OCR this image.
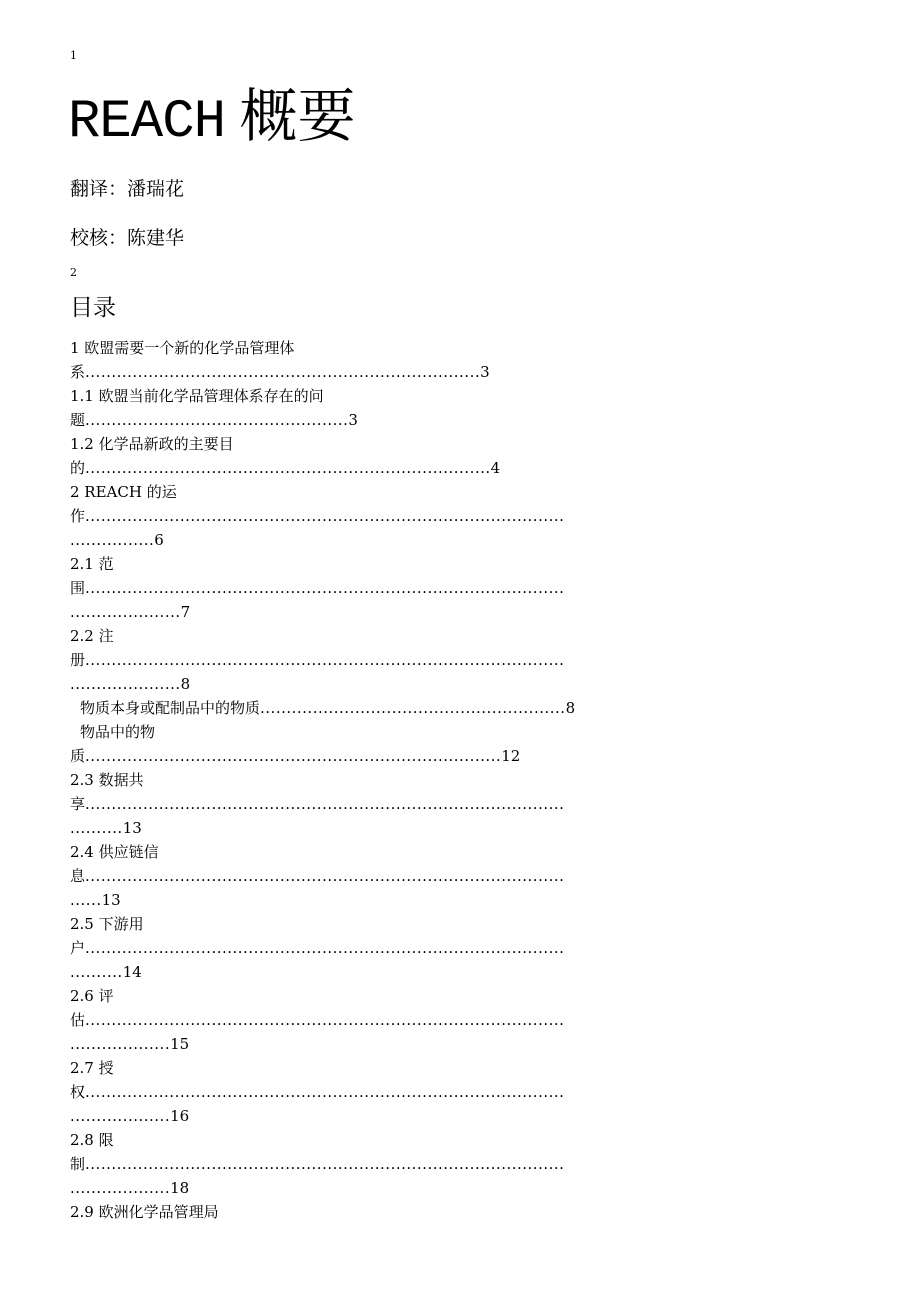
1
REACH 概要
翻译：潘瑞花
校核：陈建华
2
目录
1 欧盟需要一个新的化学品管理体
系...........................................................................3
1.1 欧盟当前化学品管理体系存在的问
题..................................................3
1.2 化学品新政的主要目
的.............................................................................4
2 REACH 的运
作...........................................................................................
................6
2.1 范
围...........................................................................................
.....................7
2.2 注
册...........................................................................................
.....................8
物质本身或配制品中的物质..........................................................8
物品中的物
质...............................................................................12
2.3 数据共
享...........................................................................................
..........13
2.4 供应链信
息...........................................................................................
......13
2.5 下游用
户...........................................................................................
..........14
2.6 评
估...........................................................................................
...................15
2.7 授
权...........................................................................................
...................16
2.8 限
制...........................................................................................
...................18
2.9 欧洲化学品管理局
